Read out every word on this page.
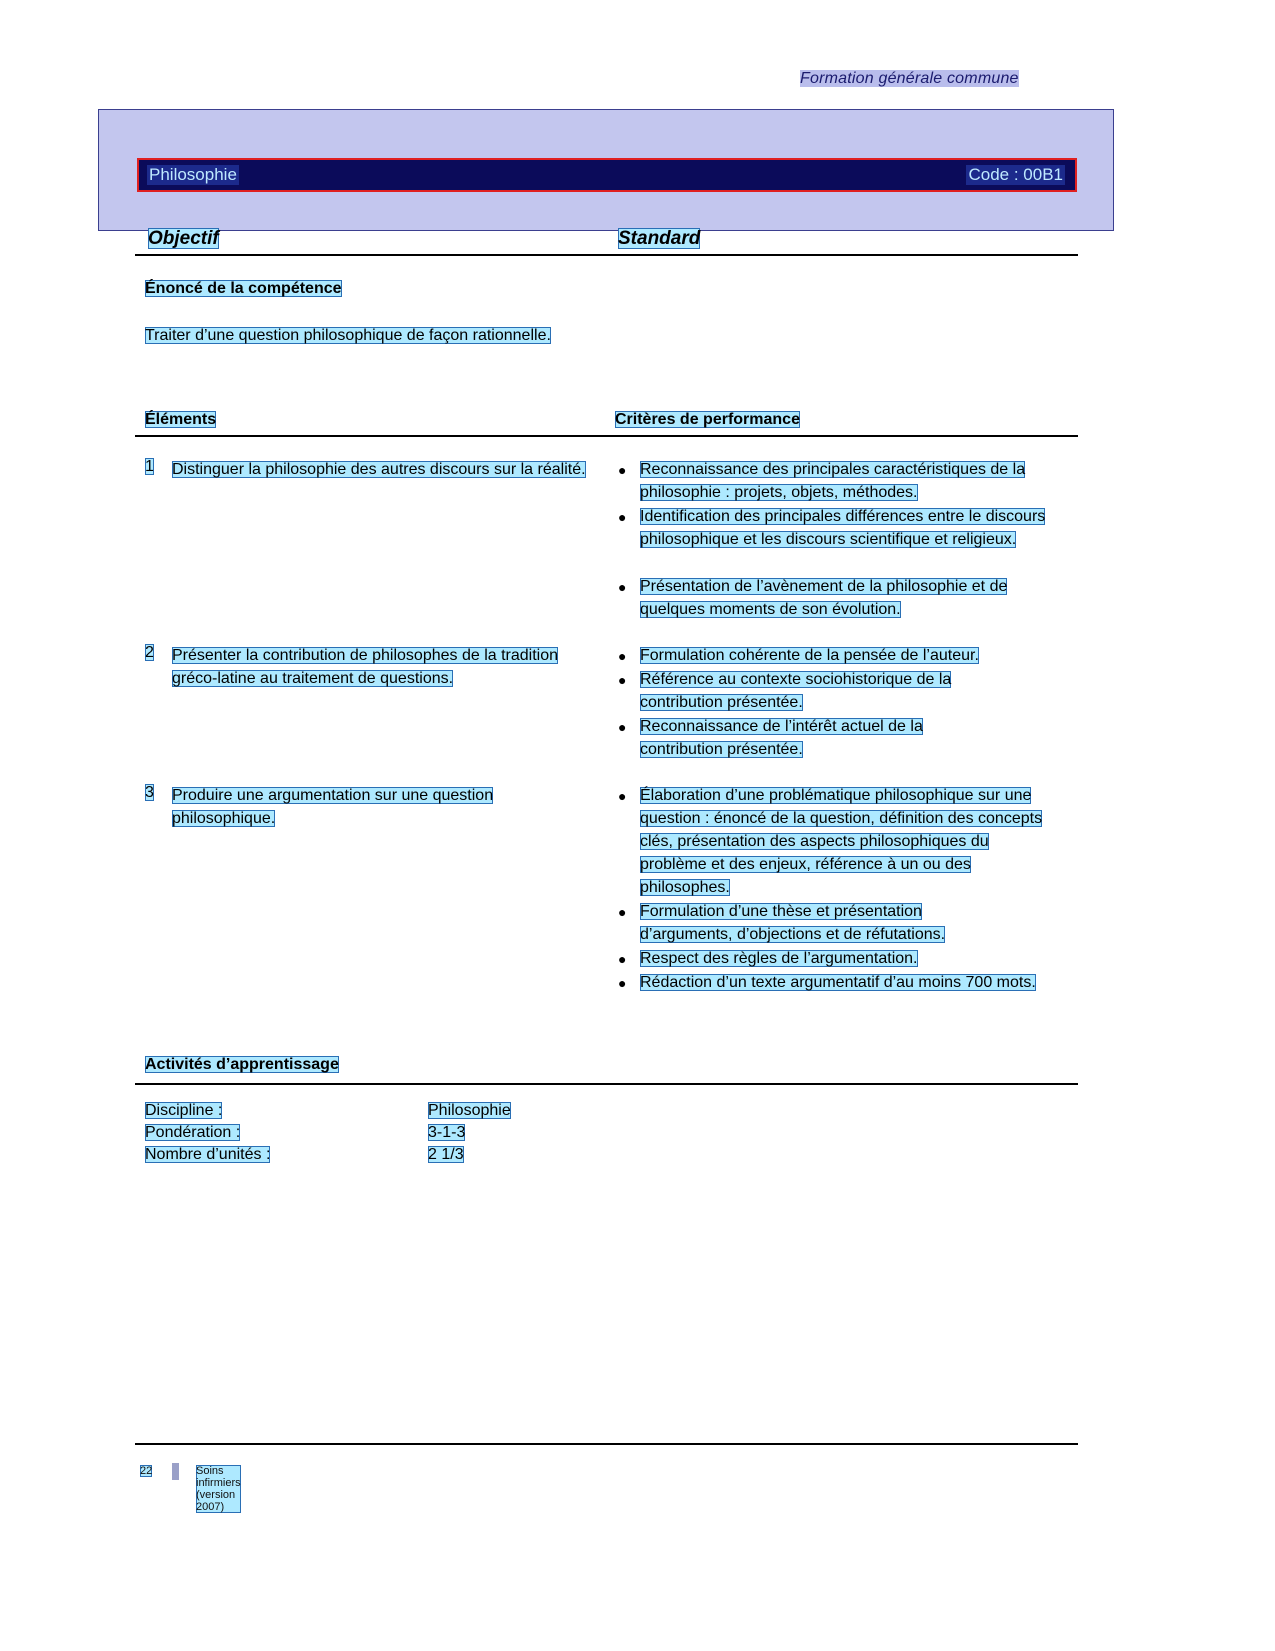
Formation générale commune
Philosophie	Code : 00B1
Objectif	Standard
Énoncé de la compétence
Traiter d’une question philosophique de façon rationnelle.
Éléments	Critères de performance
1 Distinguer la philosophie des autres discours sur la réalité.	● Reconnaissance des principales caractéristiques de la philosophie : projets, objets, méthodes.
● Identification des principales différences entre le discours philosophique et les discours scientifique et religieux.
● Présentation de l’avènement de la philosophie et de quelques moments de son évolution.
2 Présenter la contribution de philosophes de la tradition gréco-latine au traitement de questions.
● Formulation cohérente de la pensée de l’auteur.
● Référence au contexte sociohistorique de la contribution présentée.
● Reconnaissance de l’intérêt actuel de la contribution présentée.
3 Produire une argumentation sur une question philosophique.
● Élaboration d’une problématique philosophique sur une question : énoncé de la question, définition des concepts clés, présentation des aspects philosophiques du problème et des enjeux, référence à un ou des philosophes.
● Formulation d’une thèse et présentation d’arguments, d’objections et de réfutations.
● Respect des règles de l’argumentation.
● Rédaction d’un texte argumentatif d’au moins 700 mots.
Activités d’apprentissage
Discipline :	Philosophie
Pondération :	3-1-3
Nombre d’unités :	2 1/3
22	Soins infirmiers (version 2007)
